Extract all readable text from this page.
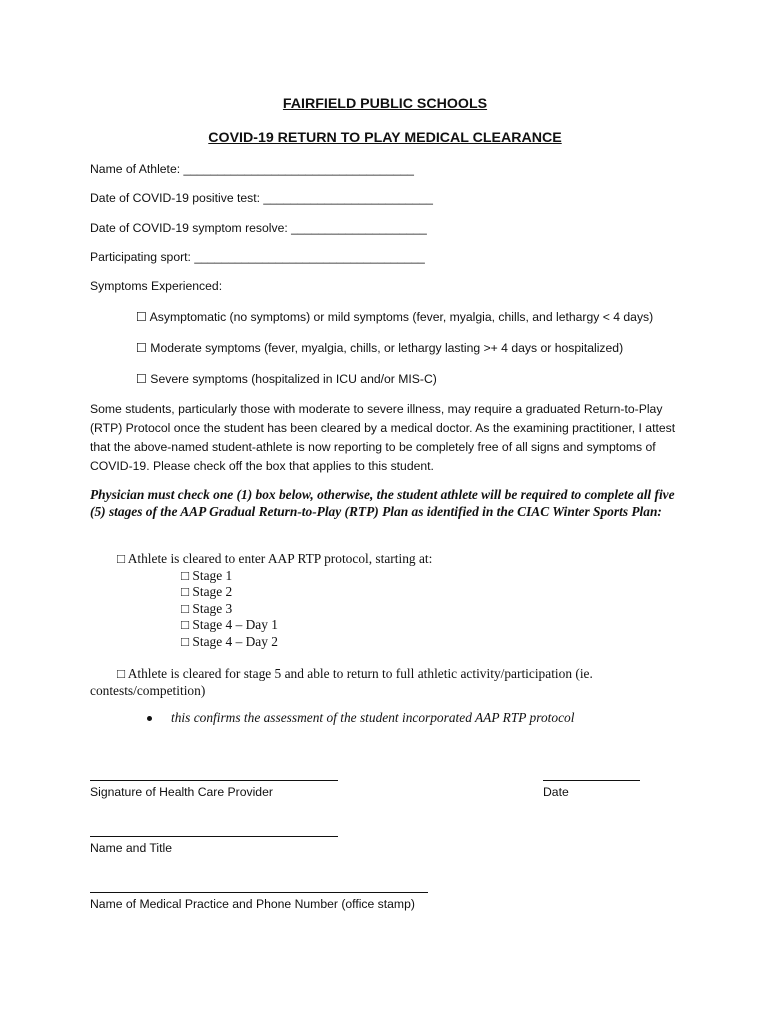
FAIRFIELD PUBLIC SCHOOLS

COVID-19 RETURN TO PLAY MEDICAL CLEARANCE

Name of Athlete: __________________________________

Date of COVID-19 positive test: _________________________

Date of COVID-19 symptom resolve: ____________________

Participating sport: __________________________________

Symptoms Experienced:

☐ Asymptomatic (no symptoms) or mild symptoms (fever, myalgia, chills, and lethargy < 4 days)

☐ Moderate symptoms (fever, myalgia, chills, or lethargy lasting >+ 4 days or hospitalized)

☐ Severe symptoms (hospitalized in ICU and/or MIS-C)

Some students, particularly those with moderate to severe illness, may require a graduated Return-to-Play (RTP) Protocol once the student has been cleared by a medical doctor. As the examining practitioner, I attest that the above-named student-athlete is now reporting to be completely free of all signs and symptoms of COVID-19. Please check off the box that applies to this student.

Physician must check one (1) box below, otherwise, the student athlete will be required to complete all five (5) stages of the AAP Gradual Return-to-Play (RTP) Plan as identified in the CIAC Winter Sports Plan:

□ Athlete is cleared to enter AAP RTP protocol, starting at:

□ Stage 1

□ Stage 2

□ Stage 3

□ Stage 4 – Day 1

□ Stage 4 – Day 2

□ Athlete is cleared for stage 5 and able to return to full athletic activity/participation (ie.

contests/competition)

this confirms the assessment of the student incorporated AAP RTP protocol

Signature of Health Care Provider	Date

Name and Title

Name of Medical Practice and Phone Number (office stamp)
